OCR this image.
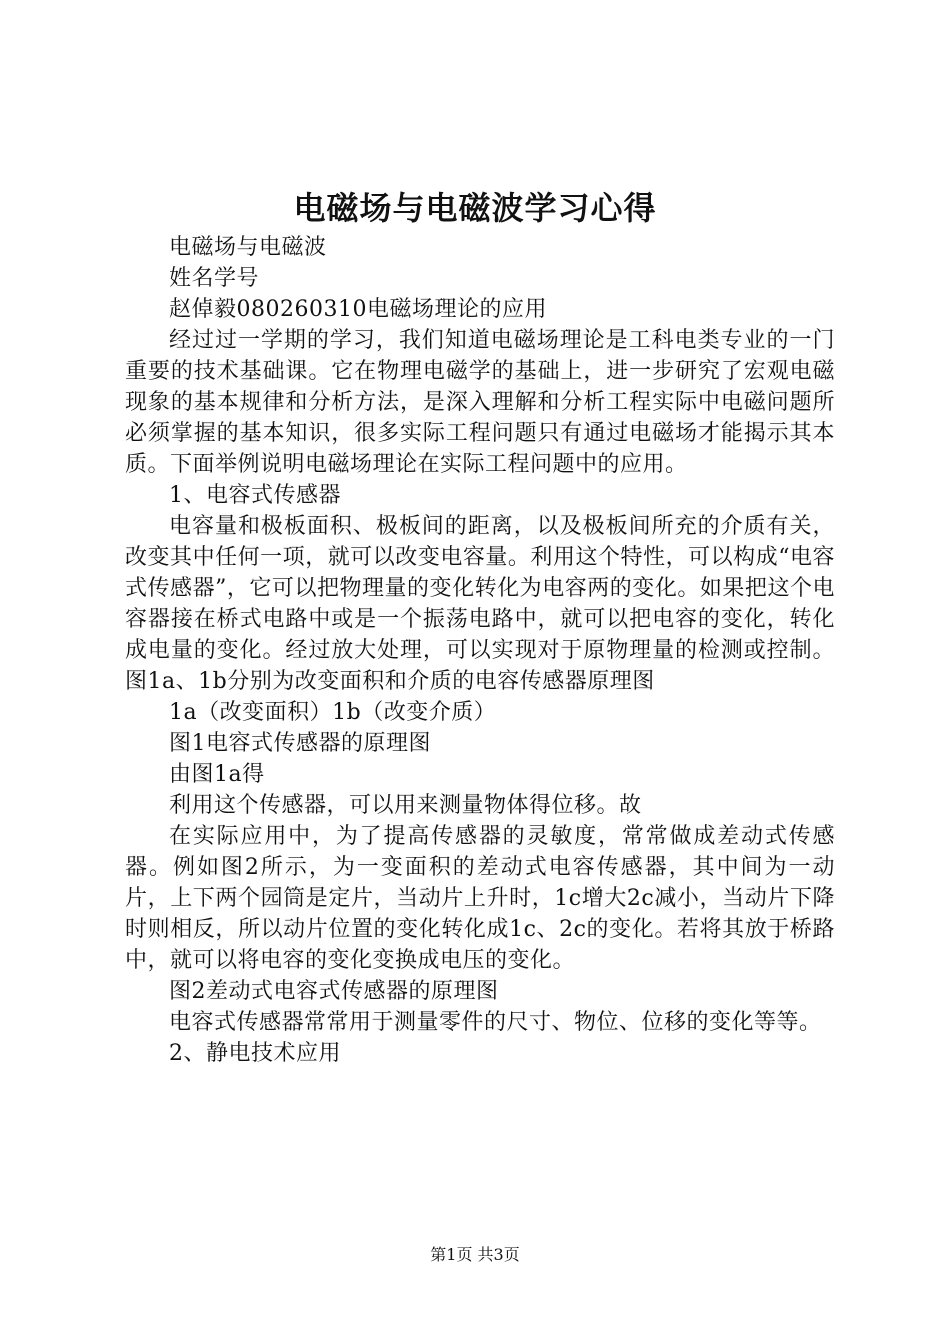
电磁场与电磁波学习心得

电磁场与电磁波

姓名学号

赵倬毅080260310电磁场理论的应用

经过过一学期的学习，我们知道电磁场理论是工科电类专业的一门重要的技术基础课。它在物理电磁学的基础上，进一步研究了宏观电磁现象的基本规律和分析方法，是深入理解和分析工程实际中电磁问题所必须掌握的基本知识，很多实际工程问题只有通过电磁场才能揭示其本质。下面举例说明电磁场理论在实际工程问题中的应用。

1、电容式传感器

电容量和极板面积、极板间的距离，以及极板间所充的介质有关，改变其中任何一项，就可以改变电容量。利用这个特性，可以构成“电容式传感器”，它可以把物理量的变化转化为电容两的变化。如果把这个电容器接在桥式电路中或是一个振荡电路中，就可以把电容的变化，转化成电量的变化。经过放大处理，可以实现对于原物理量的检测或控制。图1a、1b分别为改变面积和介质的电容传感器原理图

1a（改变面积）1b（改变介质）

图1电容式传感器的原理图

由图1a得

利用这个传感器，可以用来测量物体得位移。故

在实际应用中，为了提高传感器的灵敏度，常常做成差动式传感器。例如图2所示，为一变面积的差动式电容传感器，其中间为一动片，上下两个园筒是定片，当动片上升时，1c增大2c减小，当动片下降时则相反，所以动片位置的变化转化成1c、2c的变化。若将其放于桥路中，就可以将电容的变化变换成电压的变化。

图2差动式电容式传感器的原理图

电容式传感器常常用于测量零件的尺寸、物位、位移的变化等等。

2、静电技术应用

第1页 共3页
